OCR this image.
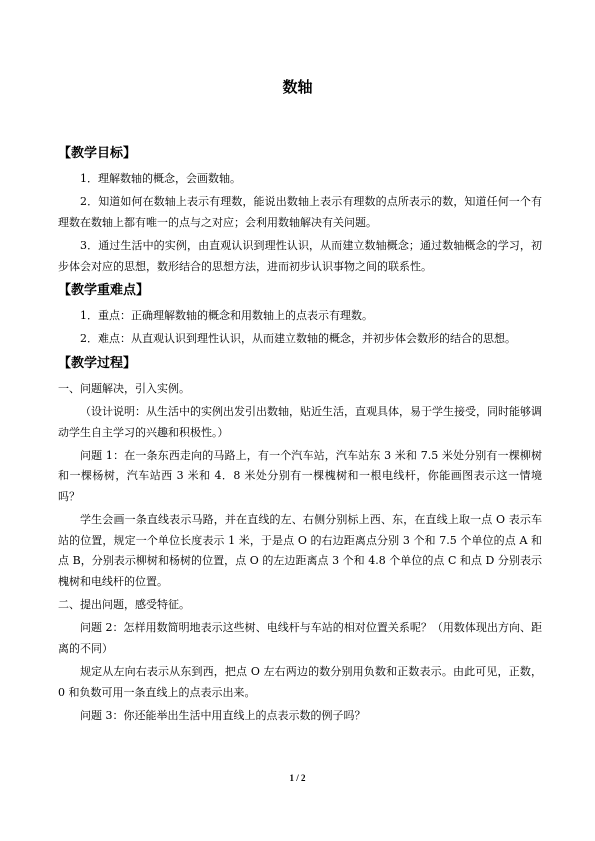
数轴
【教学目标】

1．理解数轴的概念，会画数轴。

2．知道如何在数轴上表示有理数，能说出数轴上表示有理数的点所表示的数，知道任何一个有理数在数轴上都有唯一的点与之对应；会利用数轴解决有关问题。

3．通过生活中的实例，由直观认识到理性认识，从而建立数轴概念；通过数轴概念的学习，初步体会对应的思想，数形结合的思想方法，进而初步认识事物之间的联系性。

【教学重难点】

1．重点：正确理解数轴的概念和用数轴上的点表示有理数。

2．难点：从直观认识到理性认识，从而建立数轴的概念，并初步体会数形的结合的思想。

【教学过程】

一、问题解决，引入实例。

（设计说明：从生活中的实例出发引出数轴，贴近生活，直观具体，易于学生接受，同时能够调动学生自主学习的兴趣和积极性。）

问题 1：在一条东西走向的马路上，有一个汽车站，汽车站东 3 米和 7.5 米处分别有一棵柳树和一棵杨树，汽车站西 3 米和 4．8 米处分别有一棵槐树和一根电线杆，你能画图表示这一情境吗？

学生会画一条直线表示马路，并在直线的左、右侧分别标上西、东，在直线上取一点 O 表示车站的位置，规定一个单位长度表示 1 米，于是点 O 的右边距离点分别 3 个和 7.5 个单位的点 A 和点 B，分别表示柳树和杨树的位置，点 O 的左边距离点 3 个和 4.8 个单位的点 C 和点 D 分别表示槐树和电线杆的位置。

二、提出问题，感受特征。

问题 2：怎样用数简明地表示这些树、电线杆与车站的相对位置关系呢？（用数体现出方向、距离的不同）

规定从左向右表示从东到西，把点 O 左右两边的数分别用负数和正数表示。由此可见，正数，0 和负数可用一条直线上的点表示出来。

问题 3：你还能举出生活中用直线上的点表示数的例子吗？

1 / 2
